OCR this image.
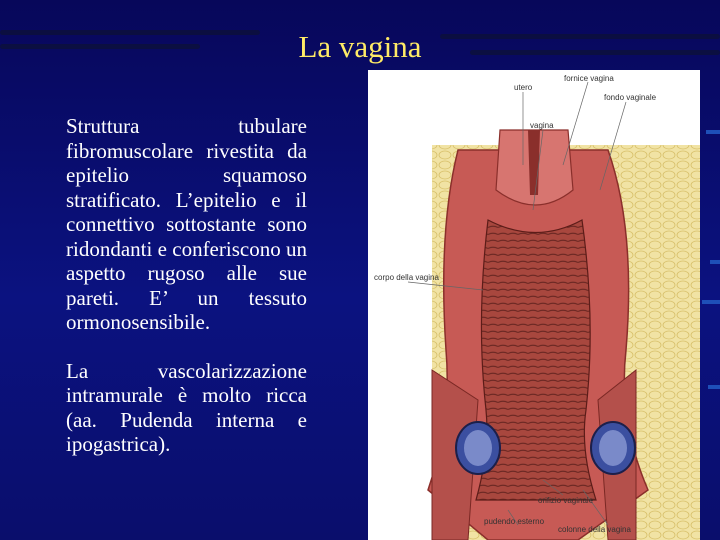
La vagina

Struttura tubulare fibromuscolare rivestita da epitelio squamoso stratificato. L’epitelio e il connettivo sottostante sono ridondanti e conferiscono un aspetto rugoso alle sue pareti. E’ un tessuto ormonosensibile.

La vascolarizzazione intramurale è molto ricca (aa. Pudenda interna e ipogastrica).

fornice vagina
utero
fondo vaginale
vagina
corpo della vagina
orifizio vaginale
pudendo esterno
colonne della vagina
